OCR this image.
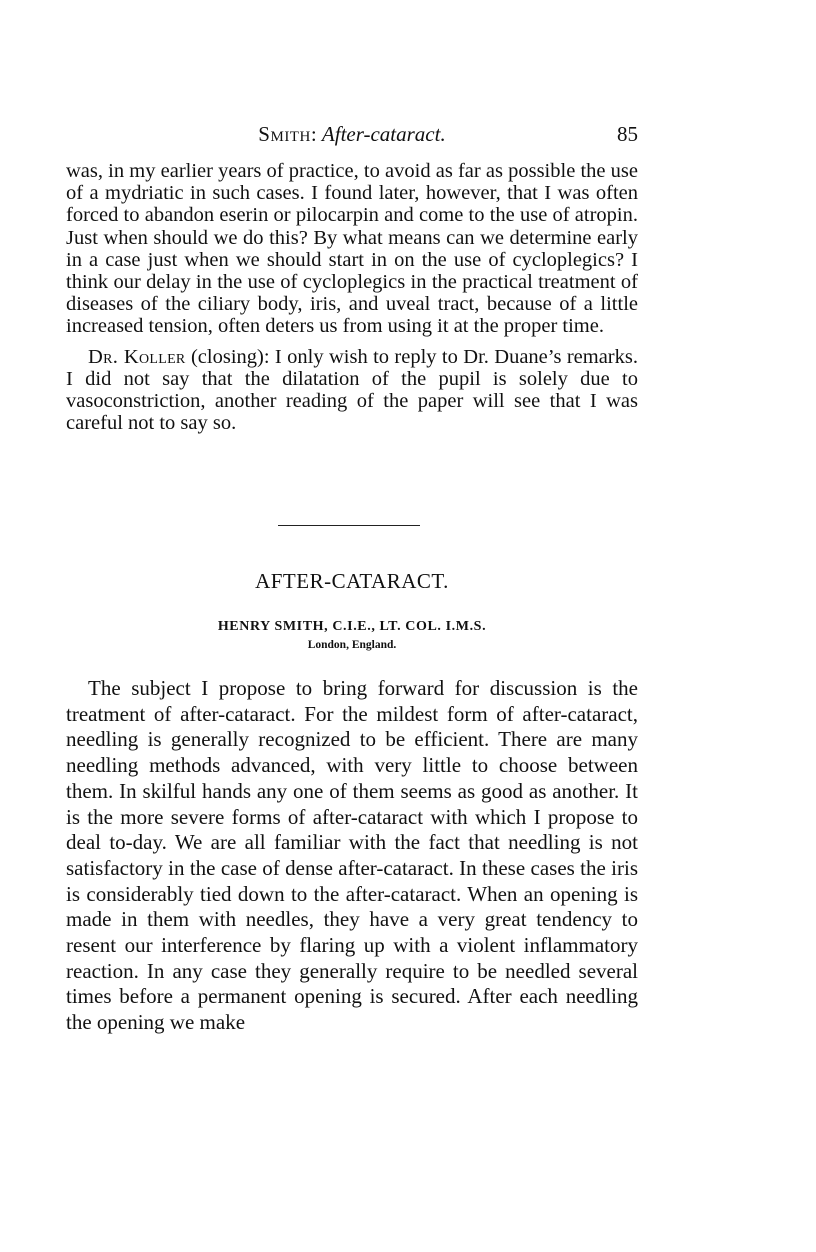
Smith: After-cataract.	85

was, in my earlier years of practice, to avoid as far as possible the use of a mydriatic in such cases. I found later, however, that I was often forced to abandon eserin or pilocarpin and come to the use of atropin. Just when should we do this? By what means can we determine early in a case just when we should start in on the use of cycloplegics? I think our delay in the use of cycloplegics in the practical treatment of diseases of the ciliary body, iris, and uveal tract, because of a little increased tension, often deters us from using it at the proper time.

Dr. Koller (closing): I only wish to reply to Dr. Duane’s remarks. I did not say that the dilatation of the pupil is solely due to vasoconstriction, another reading of the paper will see that I was careful not to say so.

AFTER-CATARACT.
HENRY SMITH, C.I.E., LT. COL. I.M.S.
London, England.

The subject I propose to bring forward for discussion is the treatment of after-cataract. For the mildest form of after-cataract, needling is generally recognized to be efficient. There are many needling methods advanced, with very little to choose between them. In skilful hands any one of them seems as good as another. It is the more severe forms of after-cataract with which I propose to deal to-day. We are all familiar with the fact that needling is not satisfactory in the case of dense after-cataract. In these cases the iris is considerably tied down to the after-cataract. When an opening is made in them with needles, they have a very great tendency to resent our interference by flaring up with a violent inflammatory reaction. In any case they generally require to be needled several times before a permanent opening is secured. After each needling the opening we make
